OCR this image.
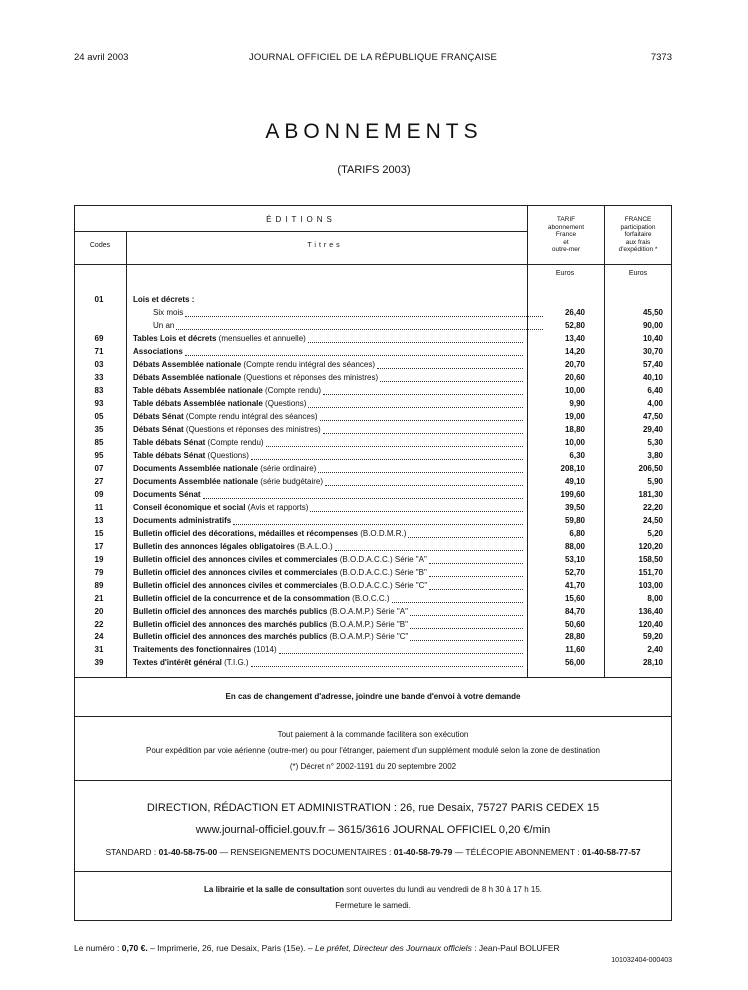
24 avril 2003	JOURNAL OFFICIEL DE LA RÉPUBLIQUE FRANÇAISE	7373
ABONNEMENTS
(TARIFS 2003)
ÉDITIONS
Codes	Titres
TARIF
abonnement
France
et
outre-mer
FRANCE
participation
forfaitaire
aux frais
d'expédition *
Euros	Euros
01	Lois et décrets :
Six mois	26,40	45,50
Un an	52,80	90,00
69	Tables Lois et décrets (mensuelles et annuelle)	13,40	10,40
71	Associations	14,20	30,70
03	Débats Assemblée nationale (Compte rendu intégral des séances)	20,70	57,40
33	Débats Assemblée nationale (Questions et réponses des ministres)	20,60	40,10
83	Table débats Assemblée nationale (Compte rendu)	10,00	6,40
93	Table débats Assemblée nationale (Questions)	9,90	4,00
05	Débats Sénat (Compte rendu intégral des séances)	19,00	47,50
35	Débats Sénat (Questions et réponses des ministres)	18,80	29,40
85	Table débats Sénat (Compte rendu)	10,00	5,30
95	Table débats Sénat (Questions)	6,30	3,80
07	Documents Assemblée nationale (série ordinaire)	208,10	206,50
27	Documents Assemblée nationale (série budgétaire)	49,10	5,90
09	Documents Sénat	199,60	181,30
11	Conseil économique et social (Avis et rapports)	39,50	22,20
13	Documents administratifs	59,80	24,50
15	Bulletin officiel des décorations, médailles et récompenses (B.O.D.M.R.)	6,80	5,20
17	Bulletin des annonces légales obligatoires (B.A.L.O.)	88,00	120,20
19	Bulletin officiel des annonces civiles et commerciales (B.O.D.A.C.C.) Série "A"	53,10	158,50
79	Bulletin officiel des annonces civiles et commerciales (B.O.D.A.C.C.) Série "B"	52,70	151,70
89	Bulletin officiel des annonces civiles et commerciales (B.O.D.A.C.C.) Série "C"	41,70	103,00
21	Bulletin officiel de la concurrence et de la consommation (B.O.C.C.)	15,60	8,00
20	Bulletin officiel des annonces des marchés publics (B.O.A.M.P.) Série "A"	84,70	136,40
22	Bulletin officiel des annonces des marchés publics (B.O.A.M.P.) Série "B"	50,60	120,40
24	Bulletin officiel des annonces des marchés publics (B.O.A.M.P.) Série "C"	28,80	59,20
31	Traitements des fonctionnaires (1014)	11,60	2,40
39	Textes d'intérêt général (T.I.G.)	56,00	28,10
En cas de changement d'adresse, joindre une bande d'envoi à votre demande
Tout paiement à la commande facilitera son exécution
Pour expédition par voie aérienne (outre-mer) ou pour l'étranger, paiement d'un supplément modulé selon la zone de destination
(*) Décret n° 2002-1191 du 20 septembre 2002
DIRECTION, RÉDACTION ET ADMINISTRATION : 26, rue Desaix, 75727 PARIS CEDEX 15
www.journal-officiel.gouv.fr – 3615/3616 JOURNAL OFFICIEL 0,20 €/min
STANDARD : 01-40-58-75-00 — RENSEIGNEMENTS DOCUMENTAIRES : 01-40-58-79-79 — TÉLÉCOPIE ABONNEMENT : 01-40-58-77-57
La librairie et la salle de consultation sont ouvertes du lundi au vendredi de 8 h 30 à 17 h 15.
Fermeture le samedi.
Le numéro : 0,70 €. – Imprimerie, 26, rue Desaix, Paris (15e). – Le préfet, Directeur des Journaux officiels : Jean-Paul BOLUFER
101032404-000403
